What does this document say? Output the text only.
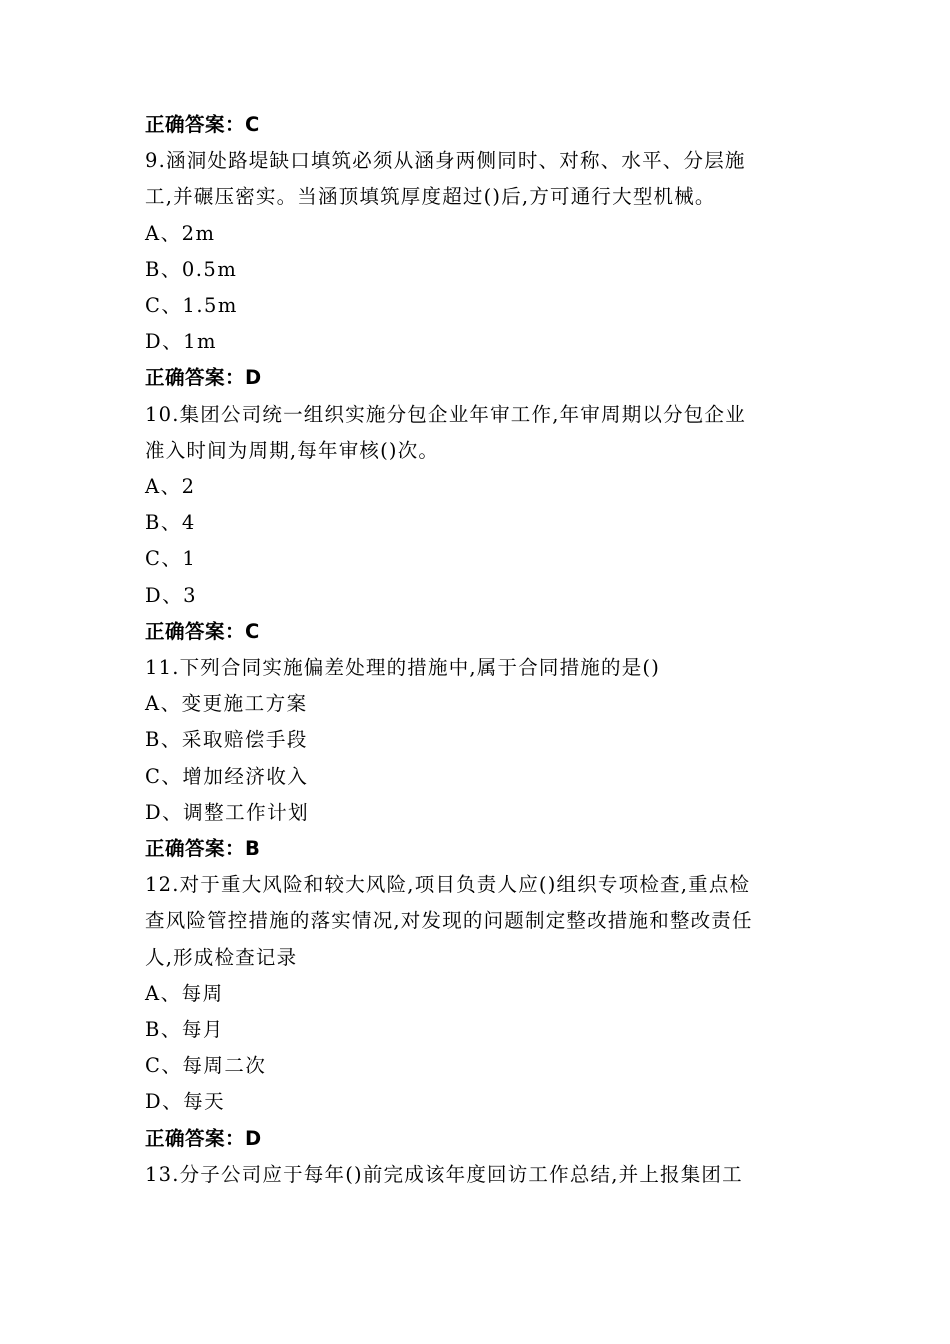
正确答案：C
9.涵洞处路堤缺口填筑必须从涵身两侧同时、对称、水平、分层施
工,并碾压密实。当涵顶填筑厚度超过()后,方可通行大型机械。
A、2m
B、0.5m
C、1.5m
D、1m
正确答案：D
10.集团公司统一组织实施分包企业年审工作,年审周期以分包企业
准入时间为周期,每年审核()次。
A、2
B、4
C、1
D、3
正确答案：C
11.下列合同实施偏差处理的措施中,属于合同措施的是()
A、变更施工方案
B、采取赔偿手段
C、增加经济收入
D、调整工作计划
正确答案：B
12.对于重大风险和较大风险,项目负责人应()组织专项检查,重点检
查风险管控措施的落实情况,对发现的问题制定整改措施和整改责任
人,形成检查记录
A、每周
B、每月
C、每周二次
D、每天
正确答案：D
13.分子公司应于每年()前完成该年度回访工作总结,并上报集团工
